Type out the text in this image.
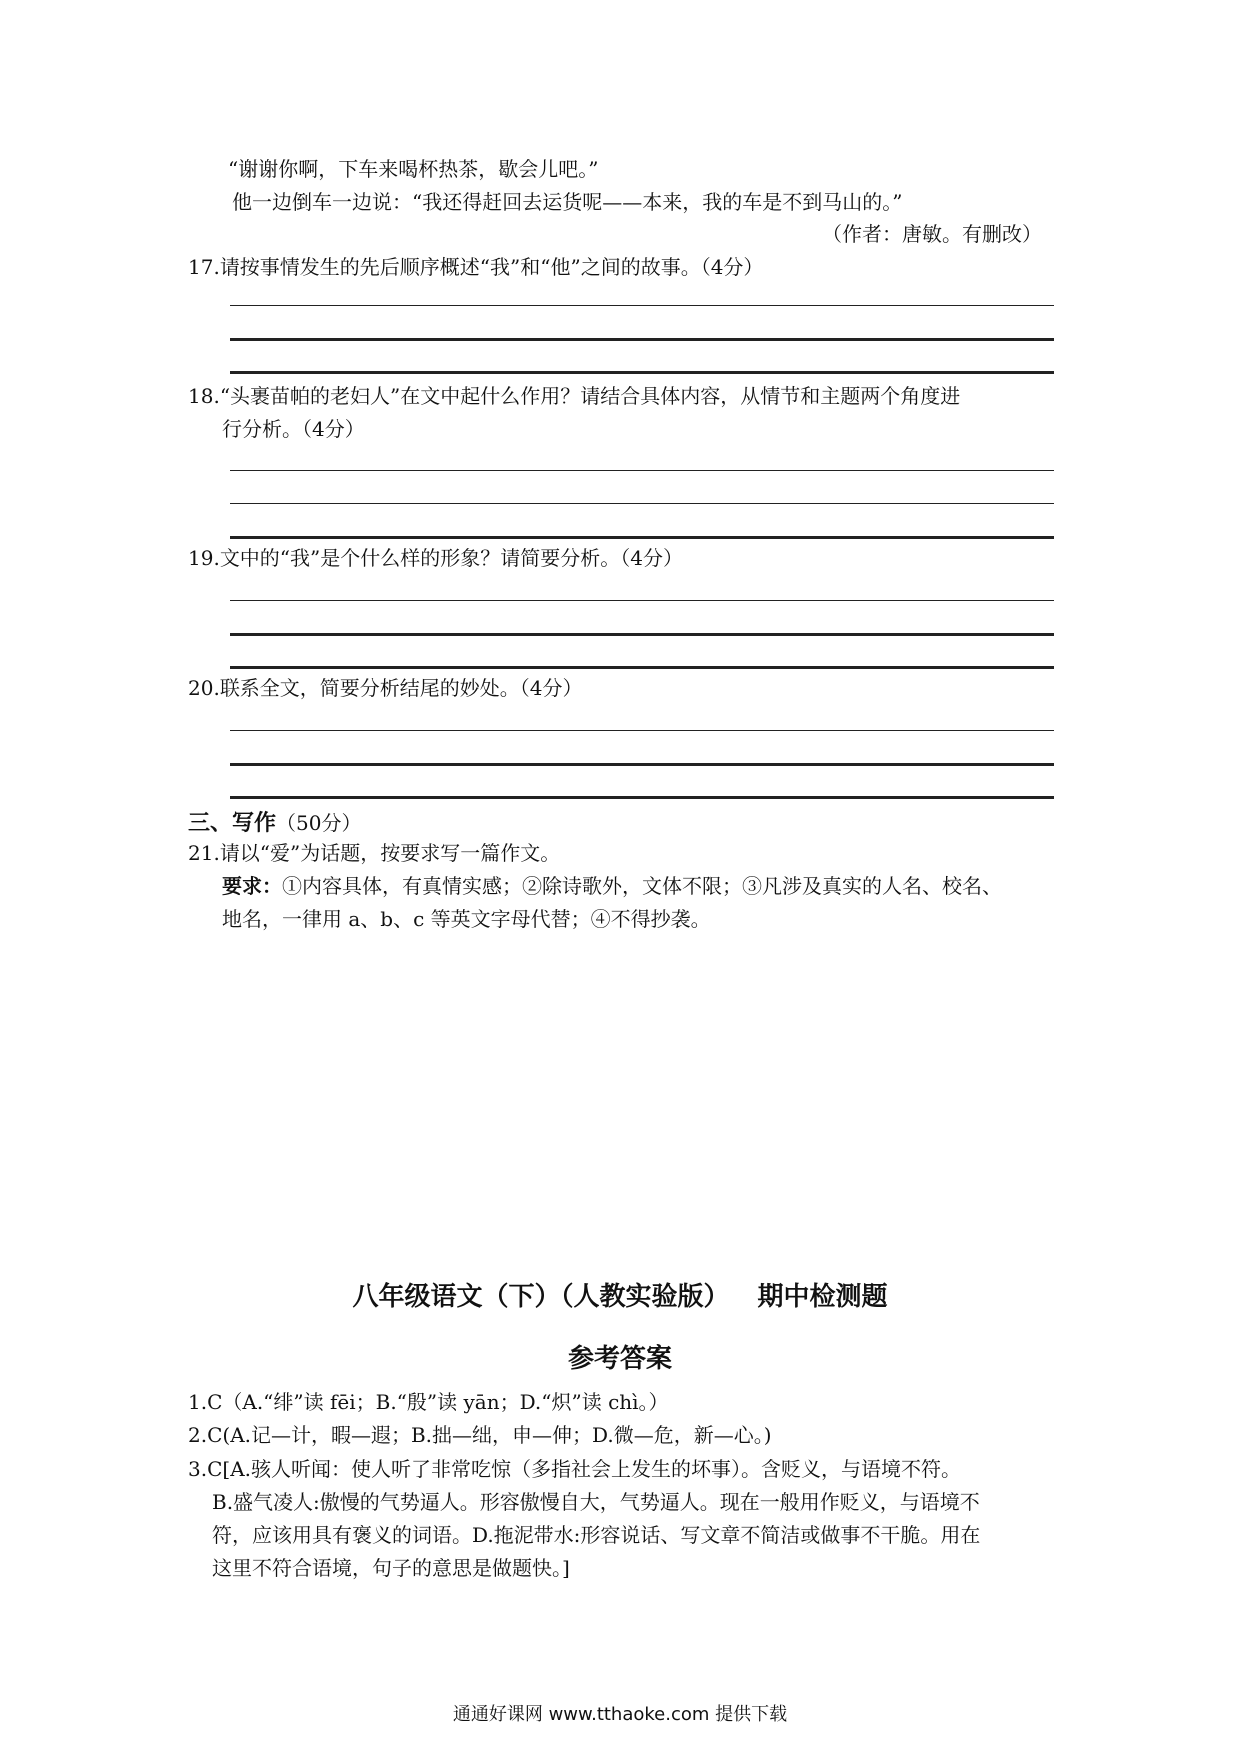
“谢谢你啊，下车来喝杯热茶，歇会儿吧。”
他一边倒车一边说：“我还得赶回去运货呢——本来，我的车是不到马山的。”
（作者：唐敏。有删改）
17.请按事情发生的先后顺序概述“我”和“他”之间的故事。（4分）
18.“头裹苗帕的老妇人”在文中起什么作用？请结合具体内容，从情节和主题两个角度进
行分析。（4分）
19.文中的“我”是个什么样的形象？请简要分析。（4分）
20.联系全文，简要分析结尾的妙处。（4分）
三、写作（50分）
21.请以“爱”为话题，按要求写一篇作文。
要求：①内容具体，有真情实感；②除诗歌外，文体不限；③凡涉及真实的人名、校名、
地名，一律用 a、b、c 等英文字母代替；④不得抄袭。
八年级语文（下）（人教实验版） 期中检测题
参考答案
1.C（A.“绯”读 fēi；B.“殷”读 yān；D.“炽”读 chì。）
2.C(A.记—计，暇—遐；B.拙—绌，申—伸；D.微—危，新—心。)
3.C[A.骇人听闻：使人听了非常吃惊（多指社会上发生的坏事）。含贬义，与语境不符。
B.盛气凌人:傲慢的气势逼人。形容傲慢自大，气势逼人。现在一般用作贬义，与语境不
符，应该用具有褒义的词语。D.拖泥带水:形容说话、写文章不简洁或做事不干脆。用在
这里不符合语境，句子的意思是做题快。]
通通好课网 www.tthaoke.com 提供下载
